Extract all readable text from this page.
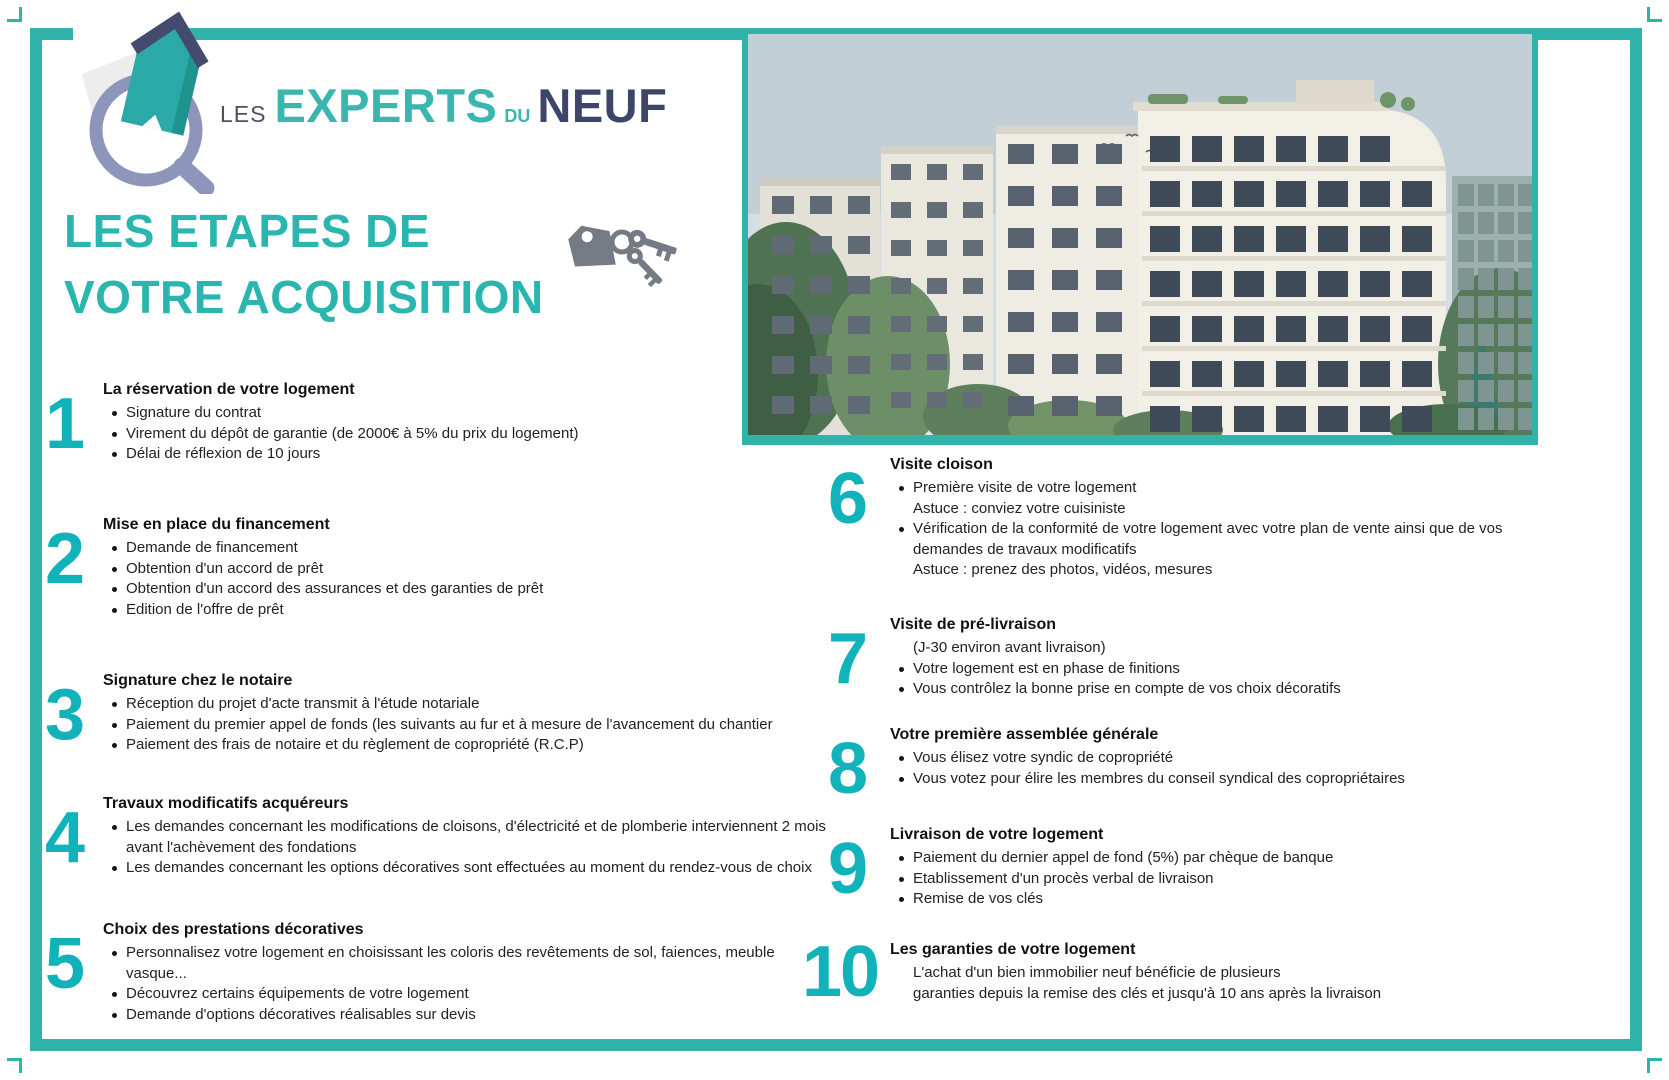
LES EXPERTS DU NEUF
LES ETAPES DE
VOTRE ACQUISITION
1 La réservation de votre logement
Signature du contrat
Virement du dépôt de garantie (de 2000€ à 5% du prix du logement)
Délai de réflexion de 10 jours
2 Mise en place du financement
Demande de financement
Obtention d'un accord de prêt
Obtention d'un accord des assurances et des garanties de prêt
Edition de l'offre de prêt
3 Signature chez le notaire
Réception du projet d'acte transmit à l'étude notariale
Paiement du premier appel de fonds (les suivants au fur et à mesure de l'avancement du chantier
Paiement des frais de notaire et du règlement de copropriété (R.C.P)
4 Travaux modificatifs acquéreurs
Les demandes concernant les modifications de cloisons, d'électricité et de plomberie interviennent 2 mois avant l'achèvement des fondations
Les demandes concernant les options décoratives sont effectuées au moment du rendez-vous de choix
5 Choix des prestations décoratives
Personnalisez votre logement en choisissant les coloris des revêtements de sol, faiences, meuble vasque...
Découvrez certains équipements de votre logement
Demande d'options décoratives réalisables sur devis
6 Visite cloison
Première visite de votre logement
Astuce : conviez votre cuisiniste
Vérification de la conformité de votre logement avec votre plan de vente ainsi que de vos demandes de travaux modificatifs
Astuce : prenez des photos, vidéos, mesures
7 Visite de pré-livraison
(J-30 environ avant livraison)
Votre logement est en phase de finitions
Vous contrôlez la bonne prise en compte de vos choix décoratifs
8 Votre première assemblée générale
Vous élisez votre syndic de copropriété
Vous votez pour élire les membres du conseil syndical des copropriétaires
9 Livraison de votre logement
Paiement du dernier appel de fond (5%) par chèque de banque
Etablissement d'un procès verbal de livraison
Remise de vos clés
10 Les garanties de votre logement
L'achat d'un bien immobilier neuf bénéficie de plusieurs
garanties depuis la remise des clés et jusqu'à 10 ans après la livraison
